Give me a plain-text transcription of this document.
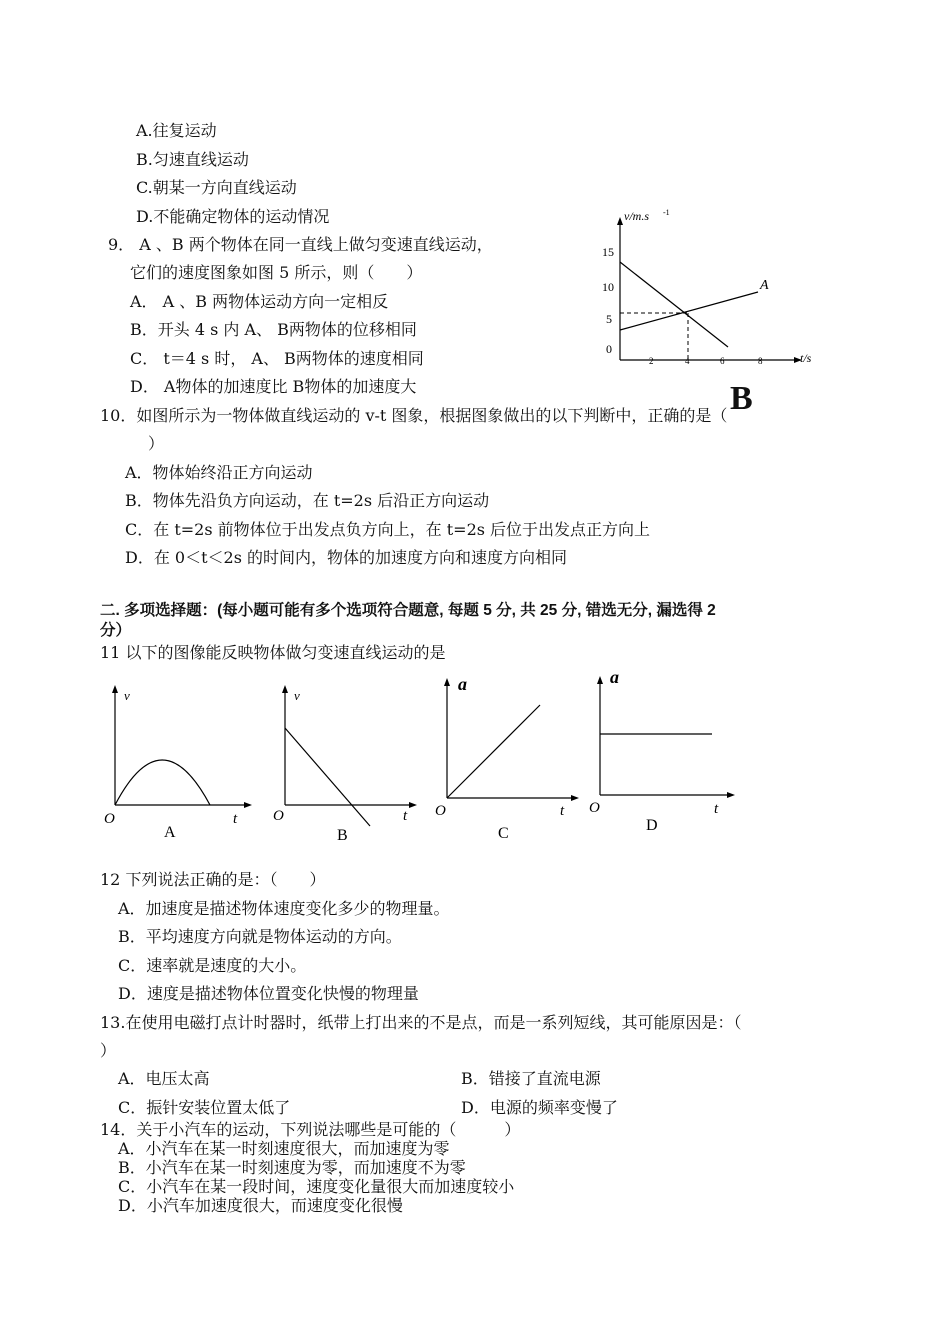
A.往复运动
B.匀速直线运动
C.朝某一方向直线运动
D.不能确定物体的运动情况
9． A 、B 两个物体在同一直线上做匀变速直线运动，
它们的速度图象如图 5 所示，则（　　）
A． A 、B 两物体运动方向一定相反
B．开头 4 s 内 A、 B两物体的位移相同
C． t＝4 s 时， A、 B两物体的速度相同
D． A物体的加速度比 B物体的加速度大
v/m.s -1
t/s
15
10
5
0
2	4	6	8
A
B
10．如图所示为一物体做直线运动的 v-t 图象，根据图象做出的以下判断中，正确的是（
）
A．物体始终沿正方向运动
B．物体先沿负方向运动，在 t=2s 后沿正方向运动
C．在 t=2s 前物体位于出发点负方向上，在 t=2s 后位于出发点正方向上
D．在 0＜t＜2s 的时间内，物体的加速度方向和速度方向相同
二. 多项选择题：(每小题可能有多个选项符合题意, 每题 5 分, 共 25 分, 错选无分, 漏选得 2
分）
11 以下的图像能反映物体做匀变速直线运动的是
v
O	t
A
v
O	t
B
a
O	t
C
a
O	t
D
12 下列说法正确的是：（　　）
A．加速度是描述物体速度变化多少的物理量。
B．平均速度方向就是物体运动的方向。
C．速率就是速度的大小。
D．速度是描述物体位置变化快慢的物理量
13.在使用电磁打点计时器时，纸带上打出来的不是点，而是一系列短线，其可能原因是：（
）
A．电压太高	B．错接了直流电源
C．振针安装位置太低了	D．电源的频率变慢了
14．关于小汽车的运动，下列说法哪些是可能的（　　　）
A．小汽车在某一时刻速度很大，而加速度为零
B．小汽车在某一时刻速度为零，而加速度不为零
C．小汽车在某一段时间，速度变化量很大而加速度较小
D．小汽车加速度很大，而速度变化很慢
